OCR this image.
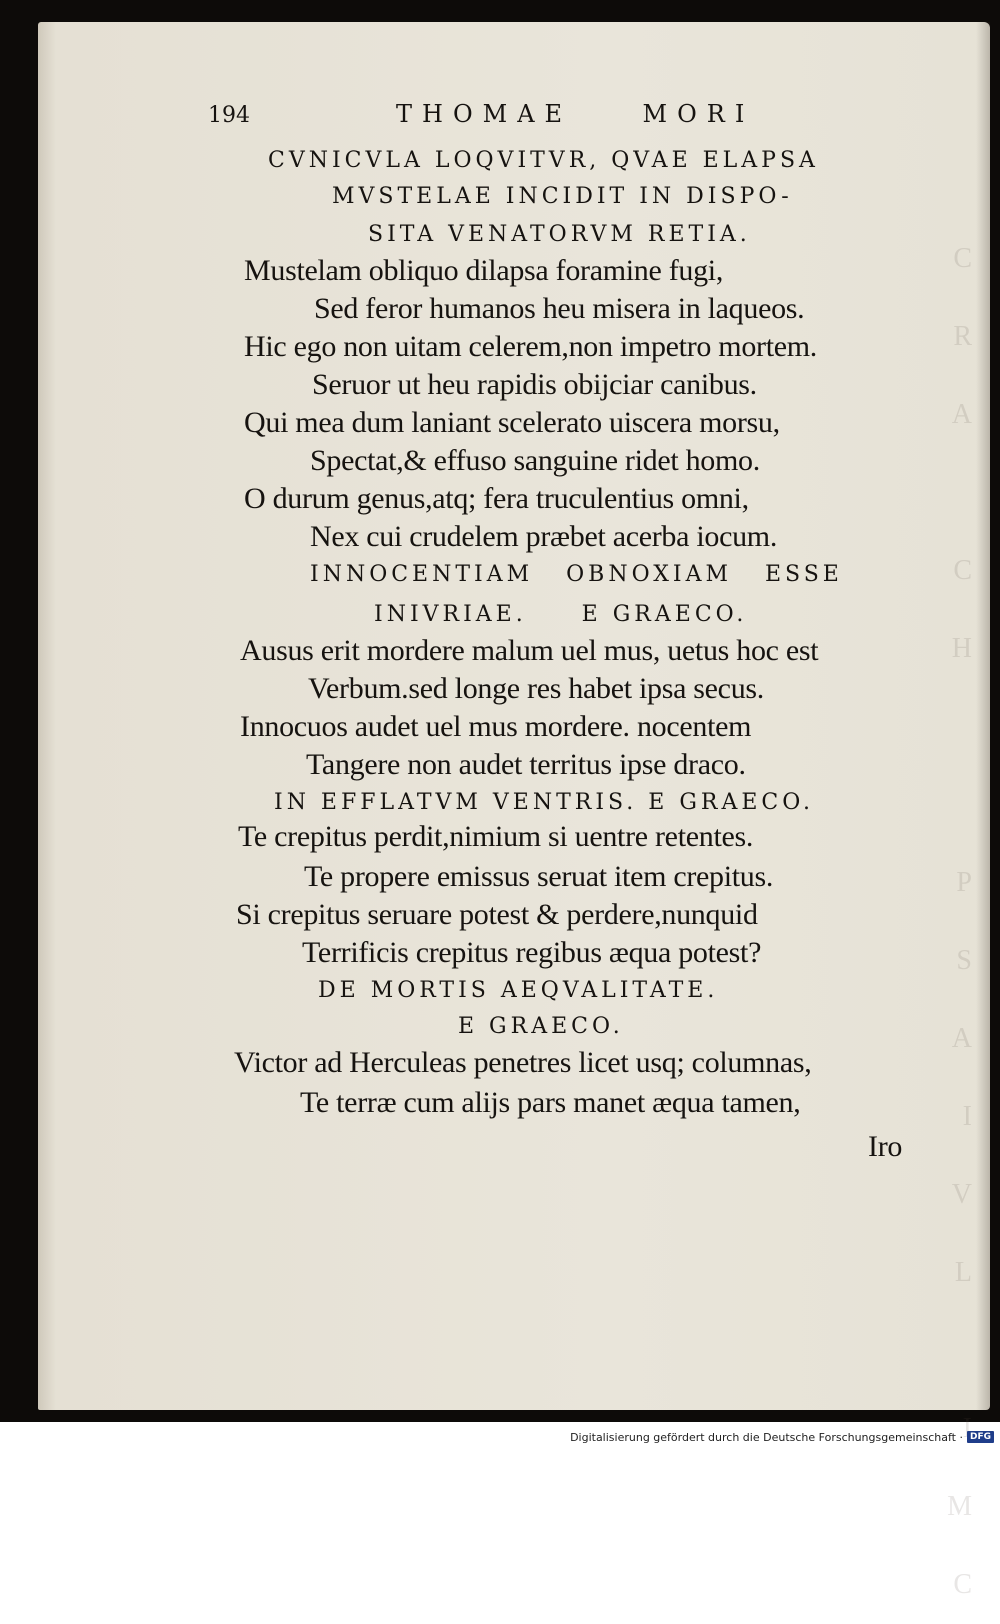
C
R
A

C
H

P
S
A
I
V
L

I
M
C
194	THOMAE    MORI
CVNICVLA LOQVITVR, QVAE ELAPSA
MVSTELAE INCIDIT IN DISPO-
SITA VENATORVM RETIA.
Mustelam obliquo dilapsa foramine fugi,
Sed feror humanos heu misera in laqueos.
Hic ego non uitam celerem,non impetro mortem.
Seruor ut heu rapidis obijciar canibus.
Qui mea dum laniant scelerato uiscera morsu,
Spectat,& effuso sanguine ridet homo.
O durum genus,atq; fera truculentius omni,
Nex cui crudelem præbet acerba iocum.
INNOCENTIAM   OBNOXIAM   ESSE
INIVRIAE.     E GRAECO.
Ausus erit mordere malum uel mus, uetus hoc est
Verbum.sed longe res habet ipsa secus.
Innocuos audet uel mus mordere. nocentem
Tangere non audet territus ipse draco.
IN EFFLATVM VENTRIS. E GRAECO.
Te crepitus perdit,nimium si uentre retentes.
Te propere emissus seruat item crepitus.
Si crepitus seruare potest & perdere,nunquid
Terrificis crepitus regibus æqua potest?
DE MORTIS AEQVALITATE.
E GRAECO.
Victor ad Herculeas penetres licet usq; columnas,
Te terræ cum alijs pars manet æqua tamen,
Iro
Digitalisierung gefördert durch die Deutsche Forschungsgemeinschaft · DFG
